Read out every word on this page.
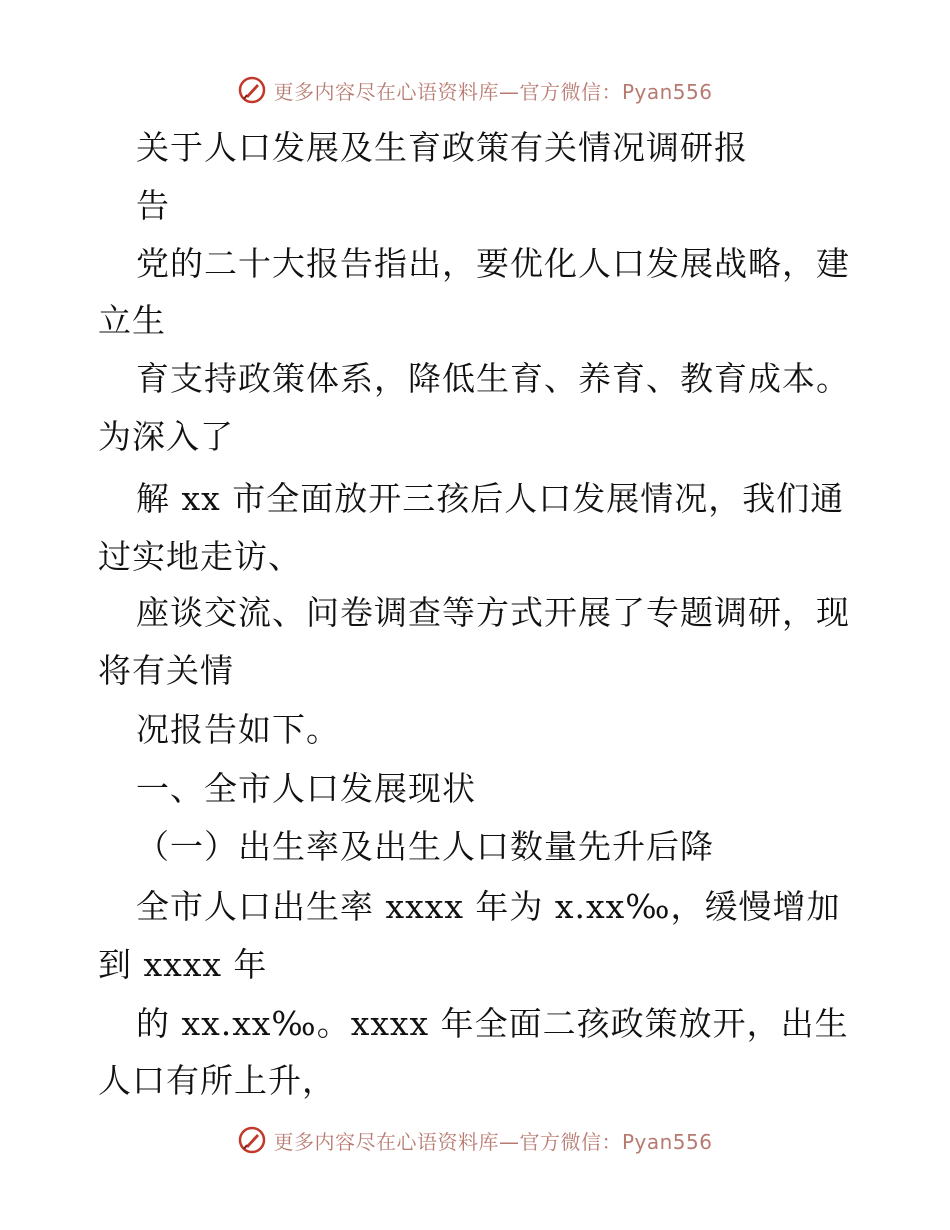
更多内容尽在心语资料库—官方微信：Pyan556
关于人口发展及生育政策有关情况调研报
告
党的二十大报告指出，要优化人口发展战略，建
立生
育支持政策体系，降低生育、养育、教育成本。
为深入了
解 xx 市全面放开三孩后人口发展情况，我们通
过实地走访、
座谈交流、问卷调查等方式开展了专题调研，现
将有关情
况报告如下。
一、全市人口发展现状
（一）出生率及出生人口数量先升后降
全市人口出生率 xxxx 年为 x.xx‰，缓慢增加
到 xxxx 年
的 xx.xx‰。xxxx 年全面二孩政策放开，出生
人口有所上升，
更多内容尽在心语资料库—官方微信：Pyan556
